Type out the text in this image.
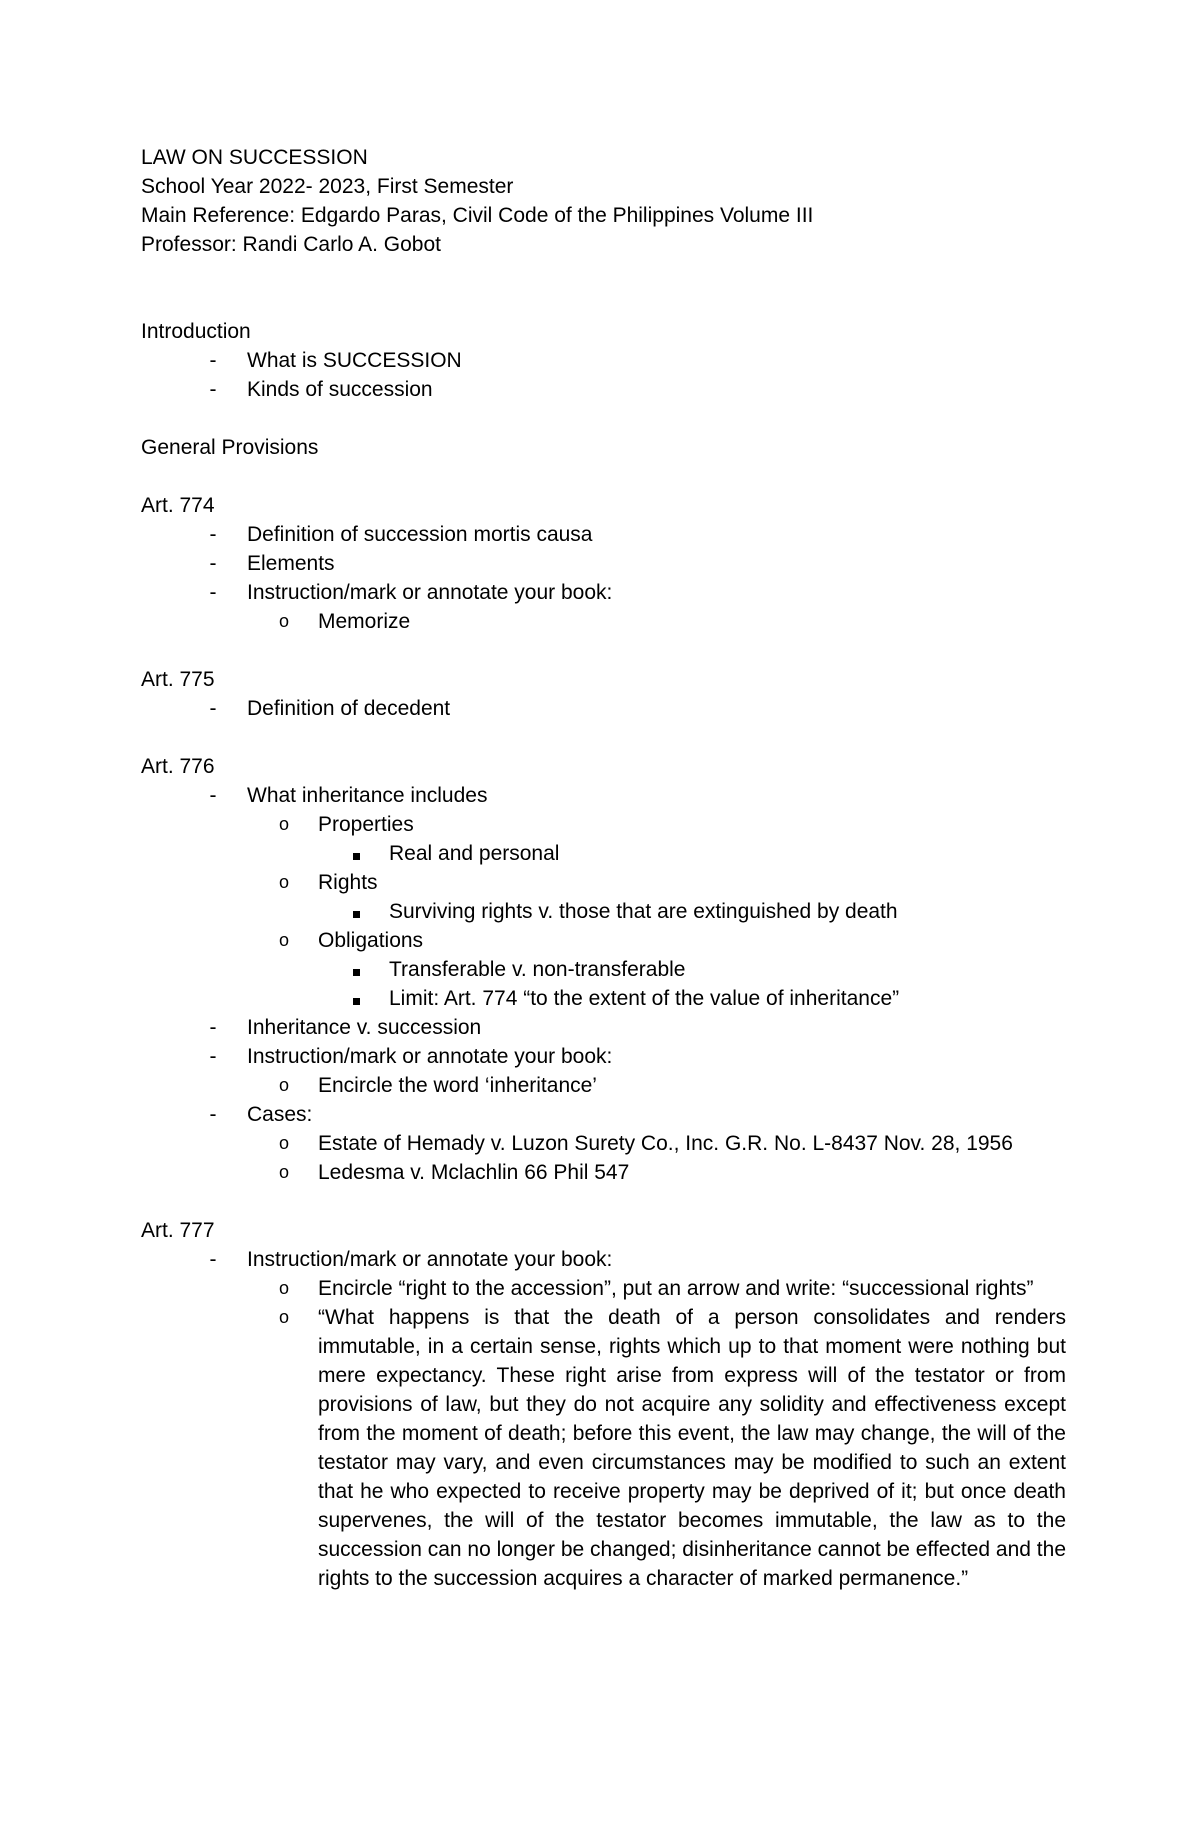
LAW ON SUCCESSION
School Year 2022- 2023, First Semester
Main Reference: Edgardo Paras, Civil Code of the Philippines Volume III
Professor: Randi Carlo A. Gobot
Introduction
-	What is SUCCESSION
-	Kinds of succession
General Provisions
Art. 774
-	Definition of succession mortis causa
-	Elements
-	Instruction/mark or annotate your book:
o Memorize
Art. 775
-	Definition of decedent
Art. 776
-	What inheritance includes
o Properties
Real and personal
o Rights
Surviving rights v. those that are extinguished by death
o Obligations
Transferable v. non-transferable
Limit: Art. 774 “to the extent of the value of inheritance”
-	Inheritance v. succession
-	Instruction/mark or annotate your book:
o Encircle the word ‘inheritance’
-	Cases:
o Estate of Hemady v. Luzon Surety Co., Inc. G.R. No. L-8437 Nov. 28, 1956
o Ledesma v. Mclachlin 66 Phil 547
Art. 777
-	Instruction/mark or annotate your book:
o Encircle “right to the accession”, put an arrow and write: “successional rights”
o “What happens is that the death of a person consolidates and renders immutable, in a certain sense, rights which up to that moment were nothing but mere expectancy. These right arise from express will of the testator or from provisions of law, but they do not acquire any solidity and effectiveness except from the moment of death; before this event, the law may change, the will of the testator may vary, and even circumstances may be modified to such an extent that he who expected to receive property may be deprived of it; but once death supervenes, the will of the testator becomes immutable, the law as to the succession can no longer be changed; disinheritance cannot be effected and the rights to the succession acquires a character of marked permanence.”
